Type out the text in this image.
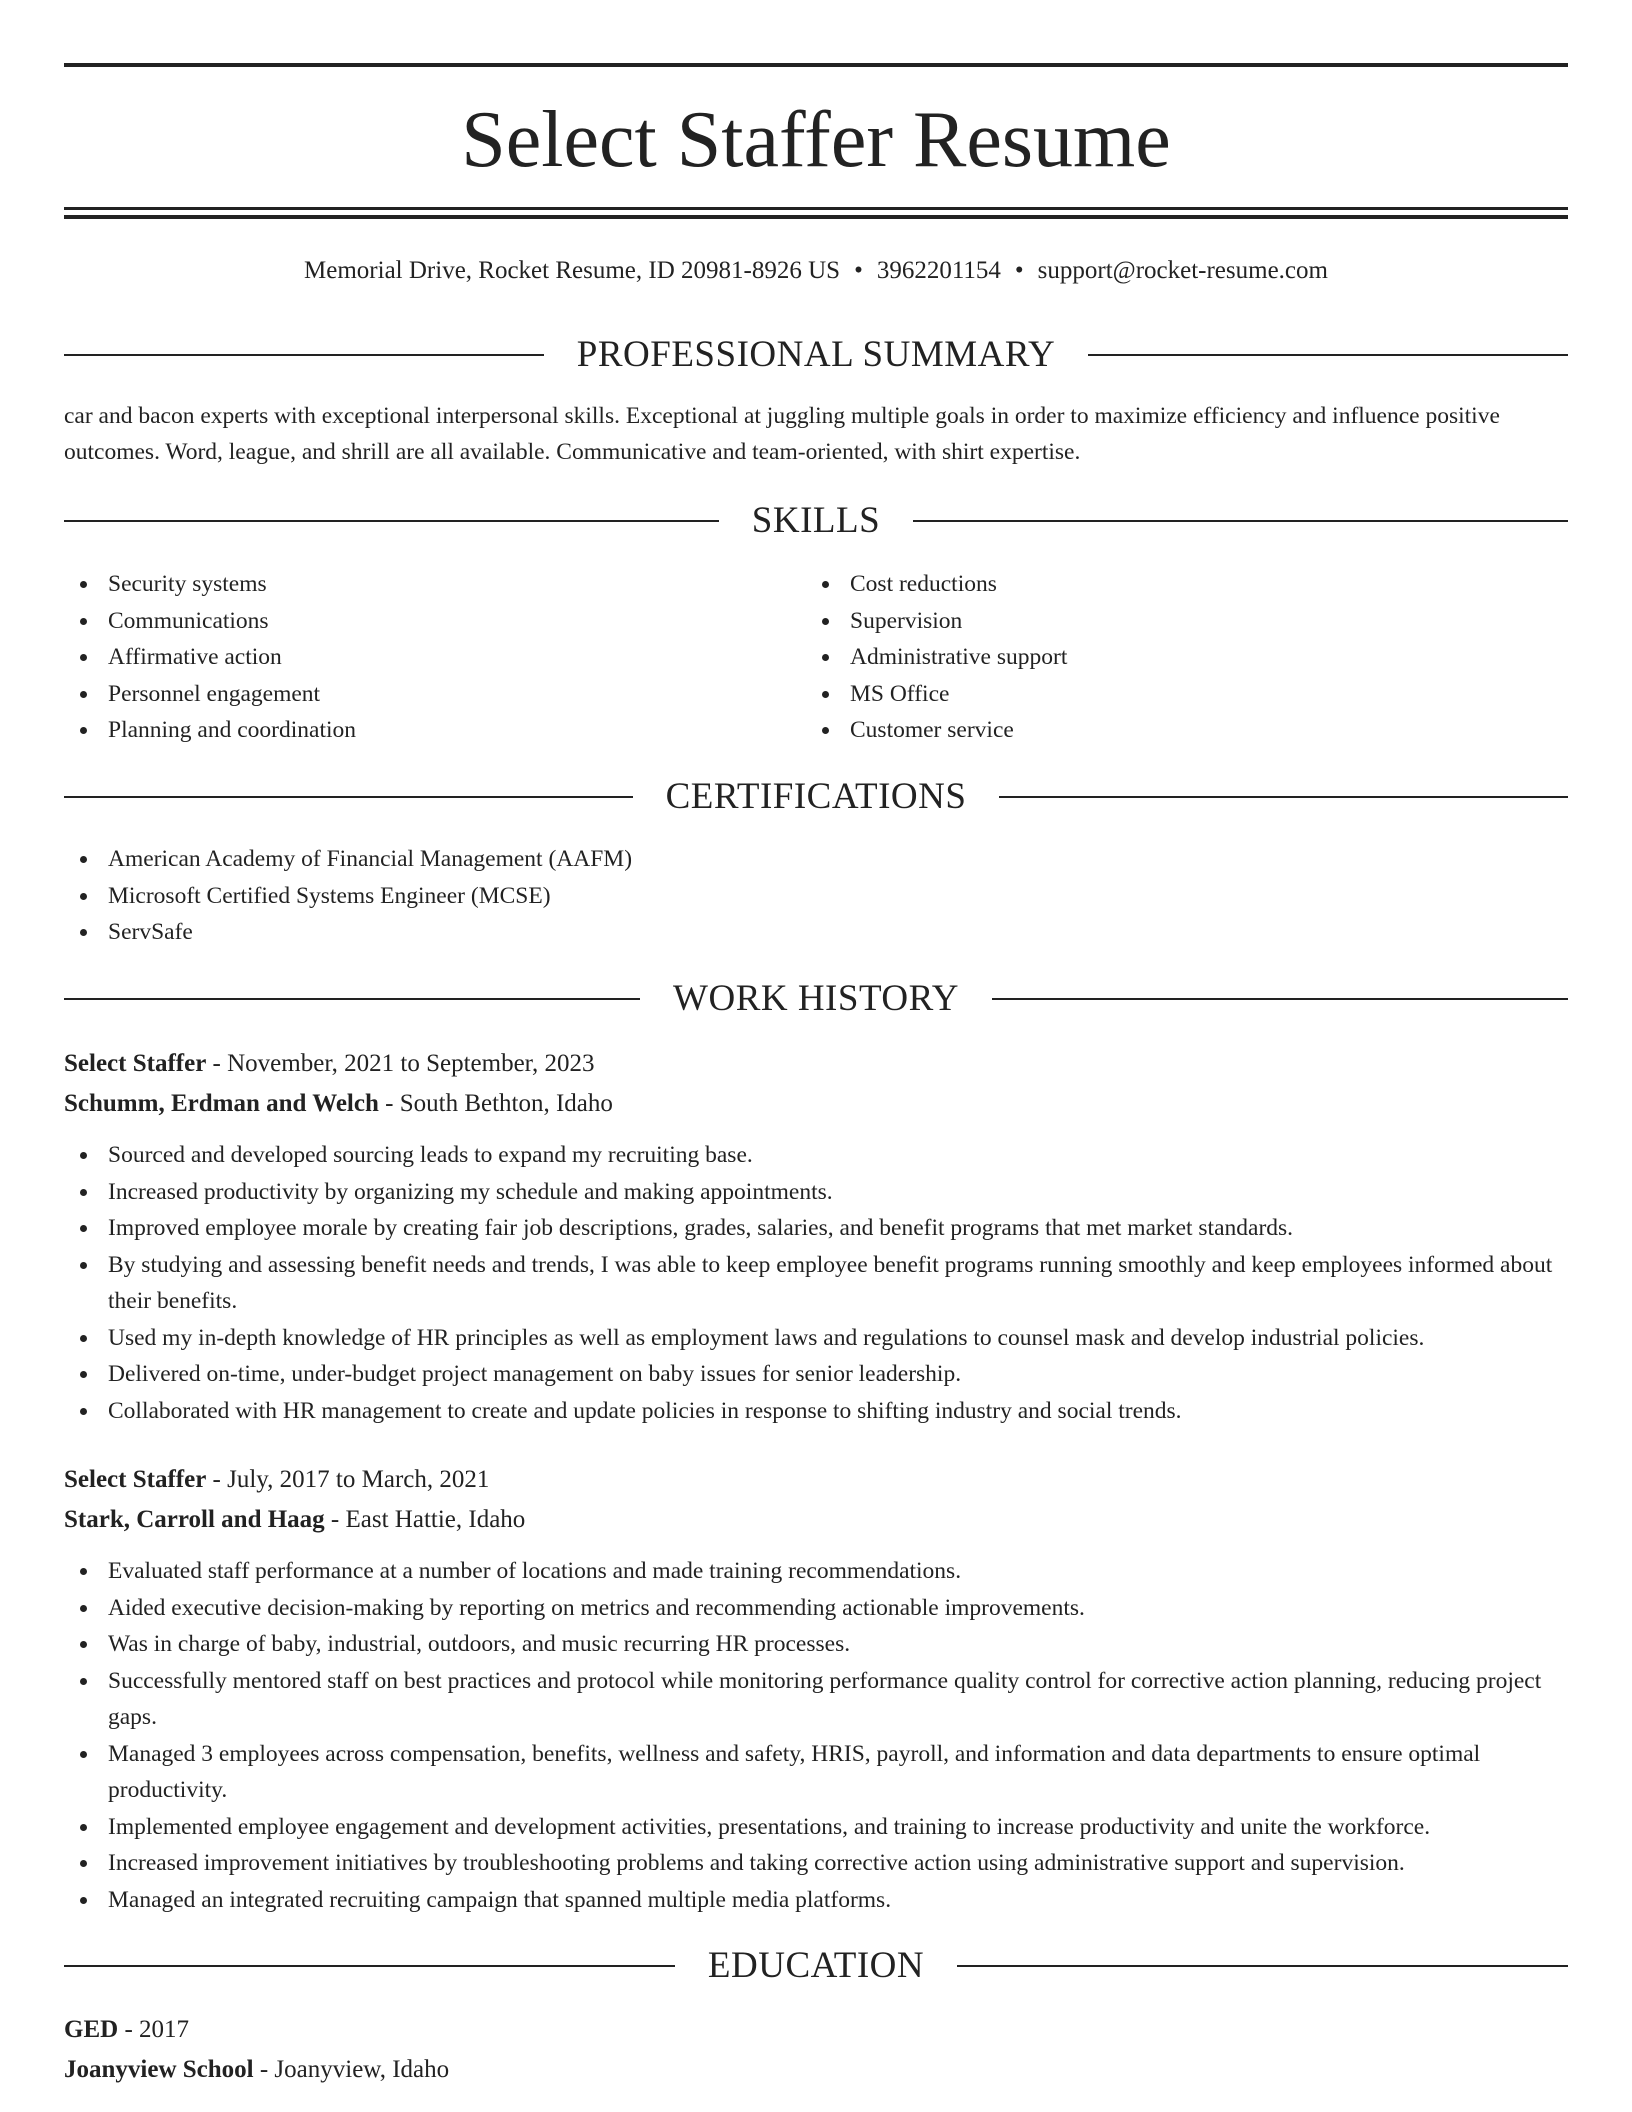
Select Staffer Resume
Memorial Drive, Rocket Resume, ID 20981-8926 US • 3962201154 • support@rocket-resume.com
PROFESSIONAL SUMMARY

car and bacon experts with exceptional interpersonal skills. Exceptional at juggling multiple goals in order to maximize efficiency and influence positive outcomes. Word, league, and shrill are all available. Communicative and team-oriented, with shirt expertise.

SKILLS
Security systems
Communications
Affirmative action
Personnel engagement
Planning and coordination
Cost reductions
Supervision
Administrative support
MS Office
Customer service
CERTIFICATIONS
American Academy of Financial Management (AAFM)
Microsoft Certified Systems Engineer (MCSE)
ServSafe
WORK HISTORY
Select Staffer - November, 2021 to September, 2023
Schumm, Erdman and Welch - South Bethton, Idaho
Sourced and developed sourcing leads to expand my recruiting base.
Increased productivity by organizing my schedule and making appointments.
Improved employee morale by creating fair job descriptions, grades, salaries, and benefit programs that met market standards.
By studying and assessing benefit needs and trends, I was able to keep employee benefit programs running smoothly and keep employees informed about their benefits.
Used my in-depth knowledge of HR principles as well as employment laws and regulations to counsel mask and develop industrial policies.
Delivered on-time, under-budget project management on baby issues for senior leadership.
Collaborated with HR management to create and update policies in response to shifting industry and social trends.
Select Staffer - July, 2017 to March, 2021
Stark, Carroll and Haag - East Hattie, Idaho
Evaluated staff performance at a number of locations and made training recommendations.
Aided executive decision-making by reporting on metrics and recommending actionable improvements.
Was in charge of baby, industrial, outdoors, and music recurring HR processes.
Successfully mentored staff on best practices and protocol while monitoring performance quality control for corrective action planning, reducing project gaps.
Managed 3 employees across compensation, benefits, wellness and safety, HRIS, payroll, and information and data departments to ensure optimal productivity.
Implemented employee engagement and development activities, presentations, and training to increase productivity and unite the workforce.
Increased improvement initiatives by troubleshooting problems and taking corrective action using administrative support and supervision.
Managed an integrated recruiting campaign that spanned multiple media platforms.
EDUCATION
GED - 2017
Joanyview School - Joanyview, Idaho
